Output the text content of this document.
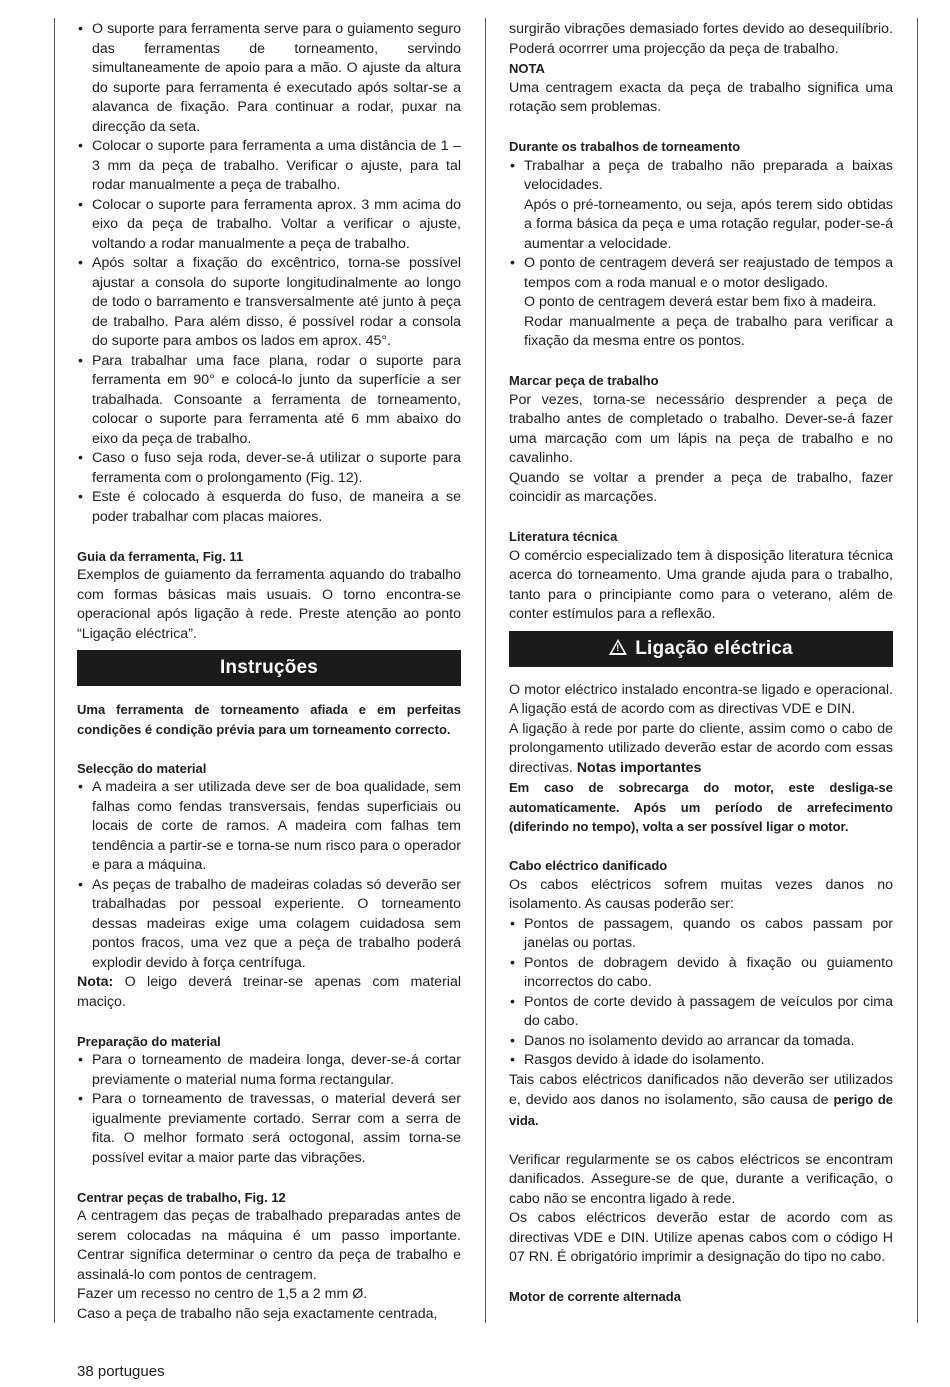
• O suporte para ferramenta serve para o guiamento seguro das ferramentas de torneamento, servindo simultaneamente de apoio para a mão. O ajuste da altura do suporte para ferramenta é executado após soltar-se a alavanca de fixação. Para continuar a rodar, puxar na direcção da seta.
• Colocar o suporte para ferramenta a uma distância de 1 – 3 mm da peça de trabalho. Verificar o ajuste, para tal rodar manualmente a peça de trabalho.
• Colocar o suporte para ferramenta aprox. 3 mm acima do eixo da peça de trabalho. Voltar a verificar o ajuste, voltando a rodar manualmente a peça de trabalho.
• Após soltar a fixação do excêntrico, torna-se possível ajustar a consola do suporte longitudinalmente ao longo de todo o barramento e transversalmente até junto à peça de trabalho. Para além disso, é possível rodar a consola do suporte para ambos os lados em aprox. 45°.
• Para trabalhar uma face plana, rodar o suporte para ferramenta em 90° e colocá-lo junto da superfície a ser trabalhada. Consoante a ferramenta de torneamento, colocar o suporte para ferramenta até 6 mm abaixo do eixo da peça de trabalho.
• Caso o fuso seja roda, dever-se-á utilizar o suporte para ferramenta com o prolongamento (Fig. 12).
• Este é colocado à esquerda do fuso, de maneira a se poder trabalhar com placas maiores.
Guia da ferramenta, Fig. 11

Exemplos de guiamento da ferramenta aquando do trabalho com formas básicas mais usuais. O torno encontra-se operacional após ligação à rede. Preste atenção ao ponto “Ligação eléctrica”.

Instruções
Uma ferramenta de torneamento afiada e em perfeitas condições é condição prévia para um torneamento correcto.
Selecção do material
• A madeira a ser utilizada deve ser de boa qualidade, sem falhas como fendas transversais, fendas superficiais ou locais de corte de ramos. A madeira com falhas tem tendência a partir-se e torna-se num risco para o operador e para a máquina.
• As peças de trabalho de madeiras coladas só deverão ser trabalhadas por pessoal experiente. O torneamento dessas madeiras exige uma colagem cuidadosa sem pontos fracos, uma vez que a peça de trabalho poderá explodir devido à força centrífuga.

Nota: O leigo deverá treinar-se apenas com material maciço.

Preparação do material
• Para o torneamento de madeira longa, dever-se-á cortar previamente o material numa forma rectangular.
• Para o torneamento de travessas, o material deverá ser igualmente previamente cortado. Serrar com a serra de fita. O melhor formato será octogonal, assim torna-se possível evitar a maior parte das vibrações.
Centrar peças de trabalho, Fig. 12

A centragem das peças de trabalhado preparadas antes de serem colocadas na máquina é um passo importante. Centrar significa determinar o centro da peça de trabalho e assinalá-lo com pontos de centragem.

Fazer um recesso no centro de 1,5 a 2 mm Ø.

Caso a peça de trabalho não seja exactamente centrada,

surgirão vibrações demasiado fortes devido ao desequilíbrio. Poderá ocorrrer uma projecção da peça de trabalho.

NOTA

Uma centragem exacta da peça de trabalho significa uma rotação sem problemas.

Durante os trabalhos de torneamento
• Trabalhar a peça de trabalho não preparada a baixas velocidades.
Após o pré-torneamento, ou seja, após terem sido obtidas a forma básica da peça e uma rotação regular, poder-se-á aumentar a velocidade.
• O ponto de centragem deverá ser reajustado de tempos a tempos com a roda manual e o motor desligado.
O ponto de centragem deverá estar bem fixo à madeira.
Rodar manualmente a peça de trabalho para verificar a fixação da mesma entre os pontos.
Marcar peça de trabalho

Por vezes, torna-se necessário desprender a peça de trabalho antes de completado o trabalho. Dever-se-á fazer uma marcação com um lápis na peça de trabalho e no cavalinho.

Quando se voltar a prender a peça de trabalho, fazer coincidir as marcações.

Literatura técnica

O comércio especializado tem à disposição literatura técnica acerca do torneamento. Uma grande ajuda para o trabalho, tanto para o principiante como para o veterano, além de conter estímulos para a reflexão.

!Ligação eléctrica

O motor eléctrico instalado encontra-se ligado e operacional. A ligação está de acordo com as directivas VDE e DIN.

A ligação à rede por parte do cliente, assim como o cabo de prolongamento utilizado deverão estar de acordo com essas directivas. Notas importantes

Em caso de sobrecarga do motor, este desliga-se automaticamente. Após um período de arrefecimento (diferindo no tempo), volta a ser possível ligar o motor.
Cabo eléctrico danificado

Os cabos eléctricos sofrem muitas vezes danos no isolamento. As causas poderão ser:

• Pontos de passagem, quando os cabos passam por janelas ou portas.
• Pontos de dobragem devido à fixação ou guiamento incorrectos do cabo.
• Pontos de corte devido à passagem de veículos por cima do cabo.
• Danos no isolamento devido ao arrancar da tomada.
• Rasgos devido à idade do isolamento.

Tais cabos eléctricos danificados não deverão ser utilizados e, devido aos danos no isolamento, são causa de perigo de vida.

Verificar regularmente se os cabos eléctricos se encontram danificados. Assegure-se de que, durante a verificação, o cabo não se encontra ligado à rede.

Os cabos eléctricos deverão estar de acordo com as directivas VDE e DIN. Utilize apenas cabos com o código H 07 RN. É obrigatório imprimir a designação do tipo no cabo.

Motor de corrente alternada
38 portugues
